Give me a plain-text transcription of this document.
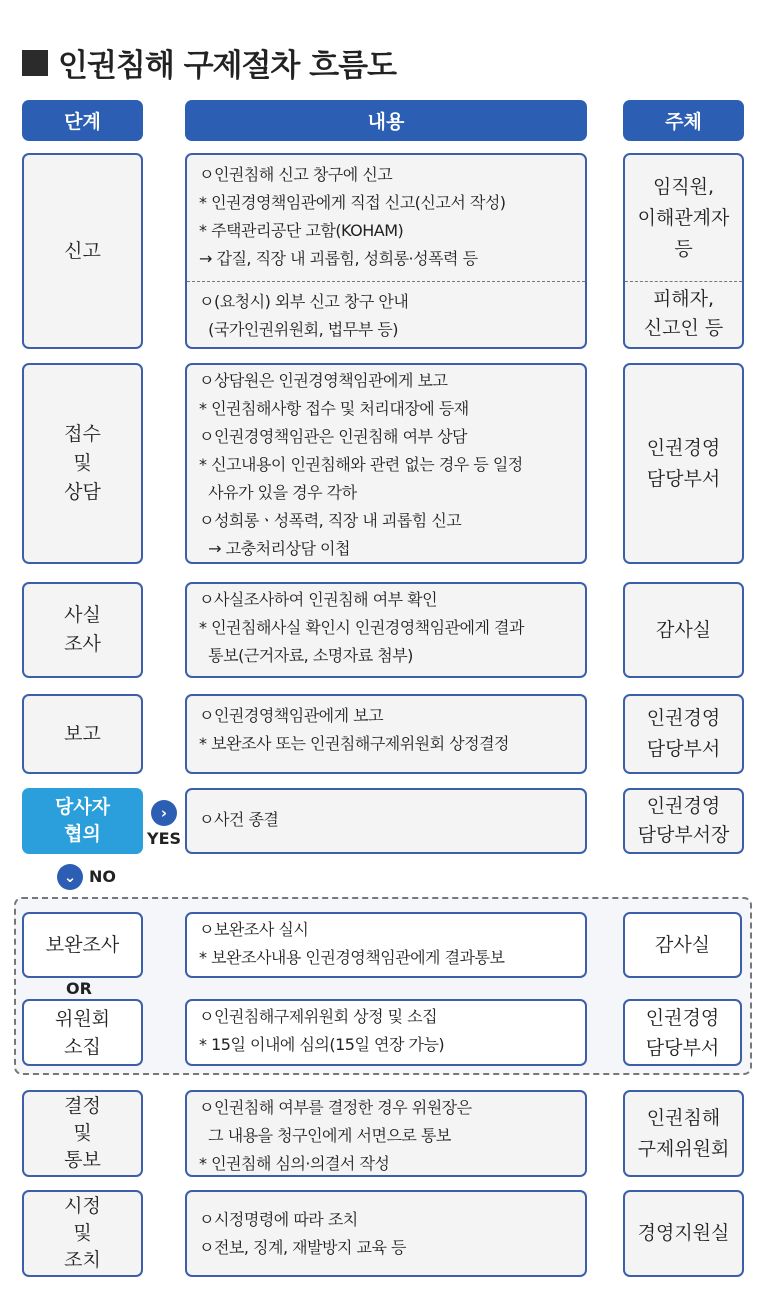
인권침해 구제절차 흐름도
단계	내용	주체
신고
ㅇ인권침해 신고 창구에 신고
* 인권경영책임관에게 직접 신고(신고서 작성)
* 주택관리공단 고함(KOHAM)
→ 갑질, 직장 내 괴롭힘, 성희롱·성폭력 등
ㅇ(요청시) 외부 신고 창구 안내
(국가인권위원회, 법무부 등)
임직원,
이해관계자
등
피해자,
신고인 등
접수
및
상담
ㅇ상담원은 인권경영책임관에게 보고
* 인권침해사항 접수 및 처리대장에 등재
ㅇ인권경영책임관은 인권침해 여부 상담
* 신고내용이 인권침해와 관련 없는 경우 등 일정
사유가 있을 경우 각하
ㅇ성희롱ㆍ성폭력, 직장 내 괴롭힘 신고
→ 고충처리상담 이첩
인권경영
담당부서
사실
조사
ㅇ사실조사하여 인권침해 여부 확인
* 인권침해사실 확인시 인권경영책임관에게 결과
통보(근거자료, 소명자료 첨부)
감사실
보고
ㅇ인권경영책임관에게 보고
* 보완조사 또는 인권침해구제위원회 상정결정
인권경영
담당부서
당사자
협의
›
YES
ㅇ사건 종결
인권경영
담당부서장
⌄ NO
보완조사
ㅇ보완조사 실시
* 보완조사내용 인권경영책임관에게 결과통보
감사실
OR
위원회
소집
ㅇ인권침해구제위원회 상정 및 소집
* 15일 이내에 심의(15일 연장 가능)
인권경영
담당부서
결정
및
통보
ㅇ인권침해 여부를 결정한 경우 위원장은
그 내용을 청구인에게 서면으로 통보
* 인권침해 심의·의결서 작성
인권침해
구제위원회
시정
및
조치
ㅇ시정명령에 따라 조치
ㅇ전보, 징계, 재발방지 교육 등
경영지원실
